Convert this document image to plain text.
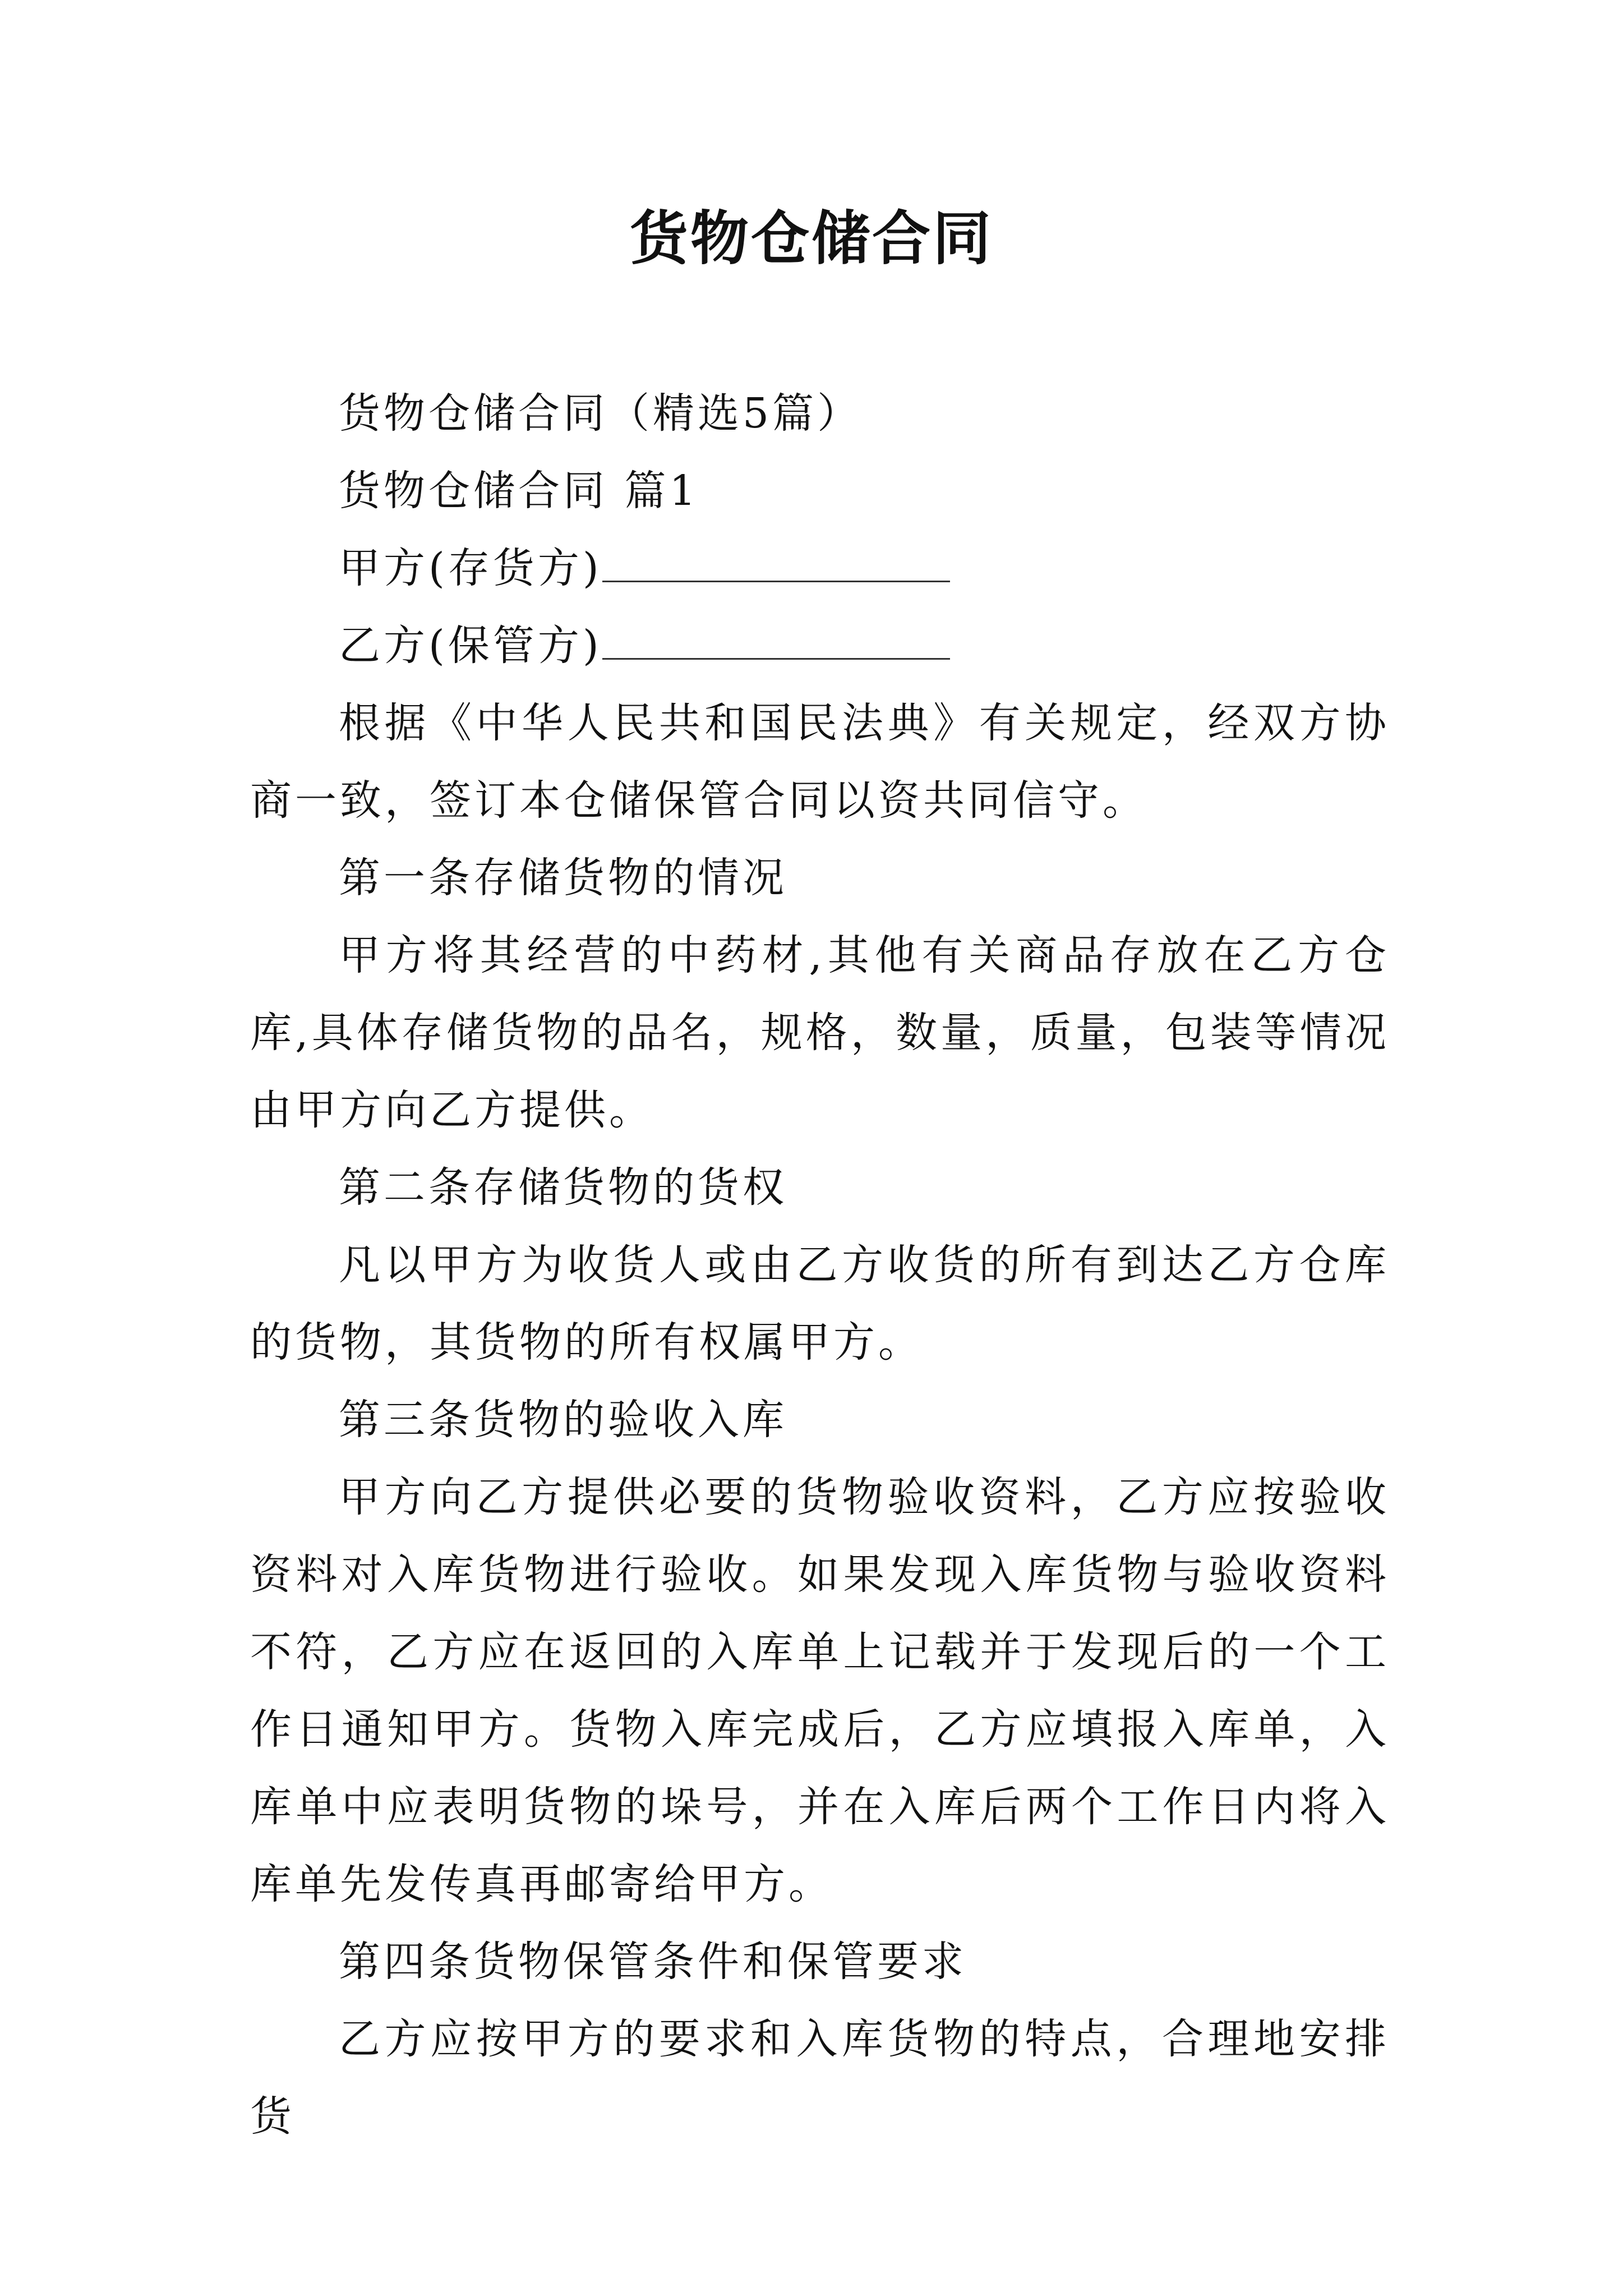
货物仓储合同

货物仓储合同（精选5篇）

货物仓储合同 篇1

甲方(存货方)

乙方(保管方)

根据《中华人民共和国民法典》有关规定，经双方协商一致，签订本仓储保管合同以资共同信守。

第一条存储货物的情况

甲方将其经营的中药材,其他有关商品存放在乙方仓库,具体存储货物的品名，规格，数量，质量，包装等情况由甲方向乙方提供。

第二条存储货物的货权

凡以甲方为收货人或由乙方收货的所有到达乙方仓库的货物，其货物的所有权属甲方。

第三条货物的验收入库

甲方向乙方提供必要的货物验收资料，乙方应按验收资料对入库货物进行验收。如果发现入库货物与验收资料不符，乙方应在返回的入库单上记载并于发现后的一个工作日通知甲方。货物入库完成后，乙方应填报入库单，入库单中应表明货物的垛号，并在入库后两个工作日内将入库单先发传真再邮寄给甲方。

第四条货物保管条件和保管要求

乙方应按甲方的要求和入库货物的特点，合理地安排货
